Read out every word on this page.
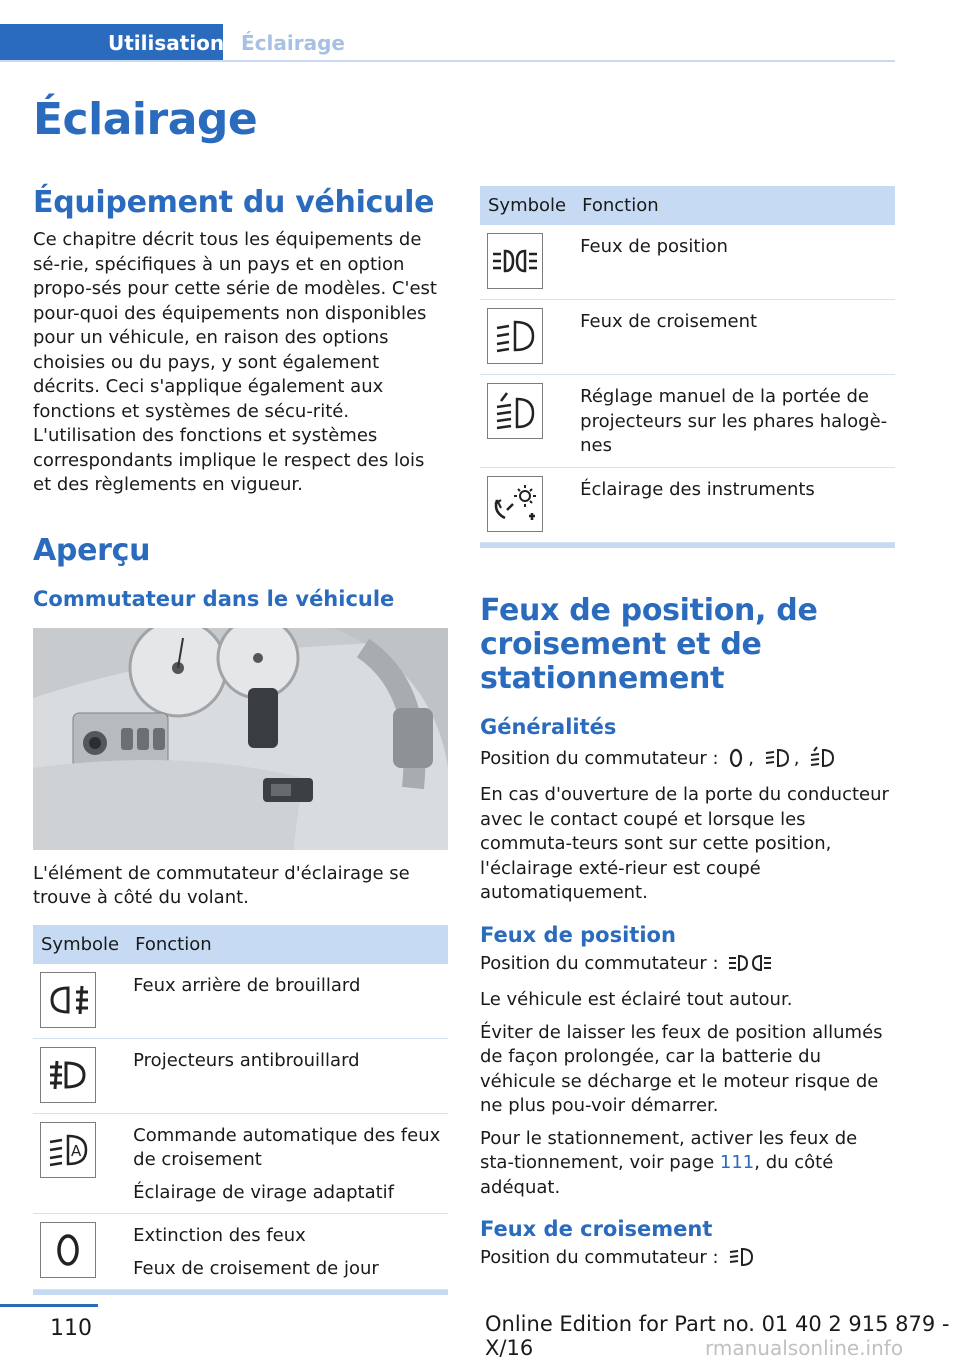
Utilisation Éclairage
Éclairage
Équipement du véhicule
Ce chapitre décrit tous les équipements de sé-rie, spécifiques à un pays et en option propo-sés pour cette série de modèles. C'est pour-quoi des équipements non disponibles pour un véhicule, en raison des options choisies ou du pays, y sont également décrits. Ceci s'applique également aux fonctions et systèmes de sécu-rité. L'utilisation des fonctions et systèmes correspondants implique le respect des lois et des règlements en vigueur.
Aperçu
Commutateur dans le véhicule
L'élément de commutateur d'éclairage se trouve à côté du volant.
Symbole	Fonction

Feux arrière de brouillard

Projecteurs antibrouillard

A	Commande automatique des feux de croisement
Éclairage de virage adaptatif

Extinction des feux
Feux de croisement de jour
Symbole	Fonction

Feux de position

Feux de croisement

Réglage manuel de la portée de projecteurs sur les phares halogè-nes

Éclairage des instruments
Feux de position, de croisement et de stationnement
Généralités
Position du commutateur : , ,
En cas d'ouverture de la porte du conducteur avec le contact coupé et lorsque les commuta-teurs sont sur cette position, l'éclairage exté-rieur est coupé automatiquement.
Feux de position
Position du commutateur :
Le véhicule est éclairé tout autour.
Éviter de laisser les feux de position allumés de façon prolongée, car la batterie du véhicule se décharge et le moteur risque de ne plus pou-voir démarrer.
Pour le stationnement, activer les feux de sta-tionnement, voir page 111, du côté adéquat.
Feux de croisement
Position du commutateur :
110	Online Edition for Part no. 01 40 2 915 879 - X/16	rmanualsonline.info
